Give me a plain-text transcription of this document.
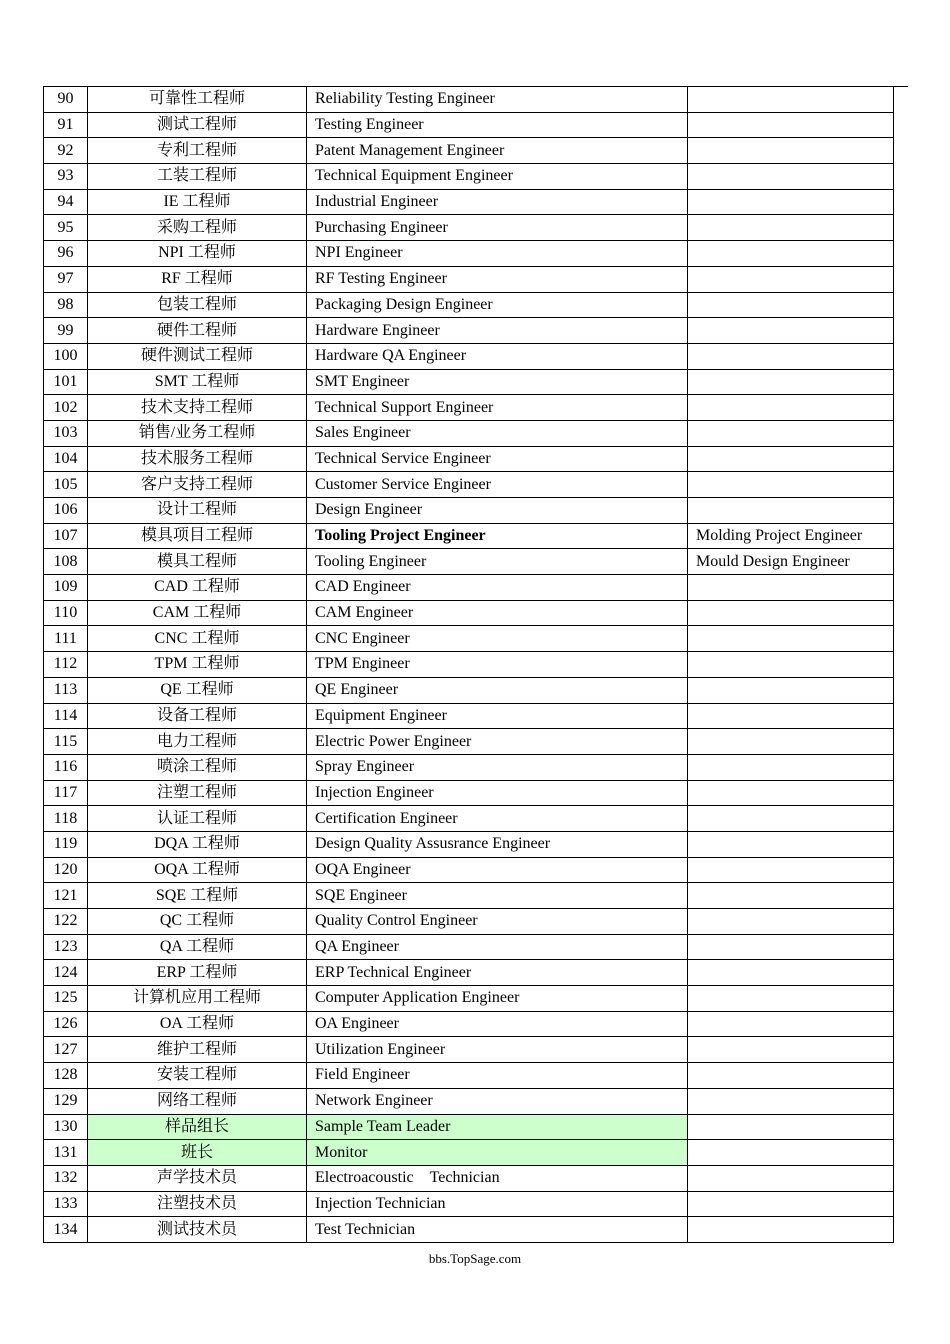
90	可靠性工程师	Reliability Testing Engineer	
91	测试工程师	Testing Engineer	
92	专利工程师	Patent Management Engineer	
93	工装工程师	Technical Equipment Engineer	
94	IE 工程师	Industrial Engineer	
95	采购工程师	Purchasing Engineer	
96	NPI 工程师	NPI Engineer	
97	RF 工程师	RF Testing Engineer	
98	包装工程师	Packaging Design Engineer	
99	硬件工程师	Hardware Engineer	
100	硬件测试工程师	Hardware QA Engineer	
101	SMT 工程师	SMT Engineer	
102	技术支持工程师	Technical Support Engineer	
103	销售/业务工程师	Sales Engineer	
104	技术服务工程师	Technical Service Engineer	
105	客户支持工程师	Customer Service Engineer	
106	设计工程师	Design Engineer	
107	模具项目工程师	Tooling Project Engineer	Molding Project Engineer
108	模具工程师	Tooling Engineer	Mould Design Engineer
109	CAD 工程师	CAD Engineer	
110	CAM 工程师	CAM Engineer	
111	CNC 工程师	CNC Engineer	
112	TPM 工程师	TPM Engineer	
113	QE 工程师	QE Engineer	
114	设备工程师	Equipment Engineer	
115	电力工程师	Electric Power Engineer	
116	喷涂工程师	Spray Engineer	
117	注塑工程师	Injection Engineer	
118	认证工程师	Certification Engineer	
119	DQA 工程师	Design Quality Assusrance Engineer	
120	OQA 工程师	OQA Engineer	
121	SQE 工程师	SQE Engineer	
122	QC 工程师	Quality Control Engineer	
123	QA 工程师	QA Engineer	
124	ERP 工程师	ERP Technical Engineer	
125	计算机应用工程师	Computer Application Engineer	
126	OA 工程师	OA Engineer	
127	维护工程师	Utilization Engineer	
128	安装工程师	Field Engineer	
129	网络工程师	Network Engineer	
130	样品组长	Sample Team Leader	
131	班长	Monitor	
132	声学技术员	Electroacoustic    Technician	
133	注塑技术员	Injection Technician	
134	测试技术员	Test Technician	
bbs.TopSage.com
